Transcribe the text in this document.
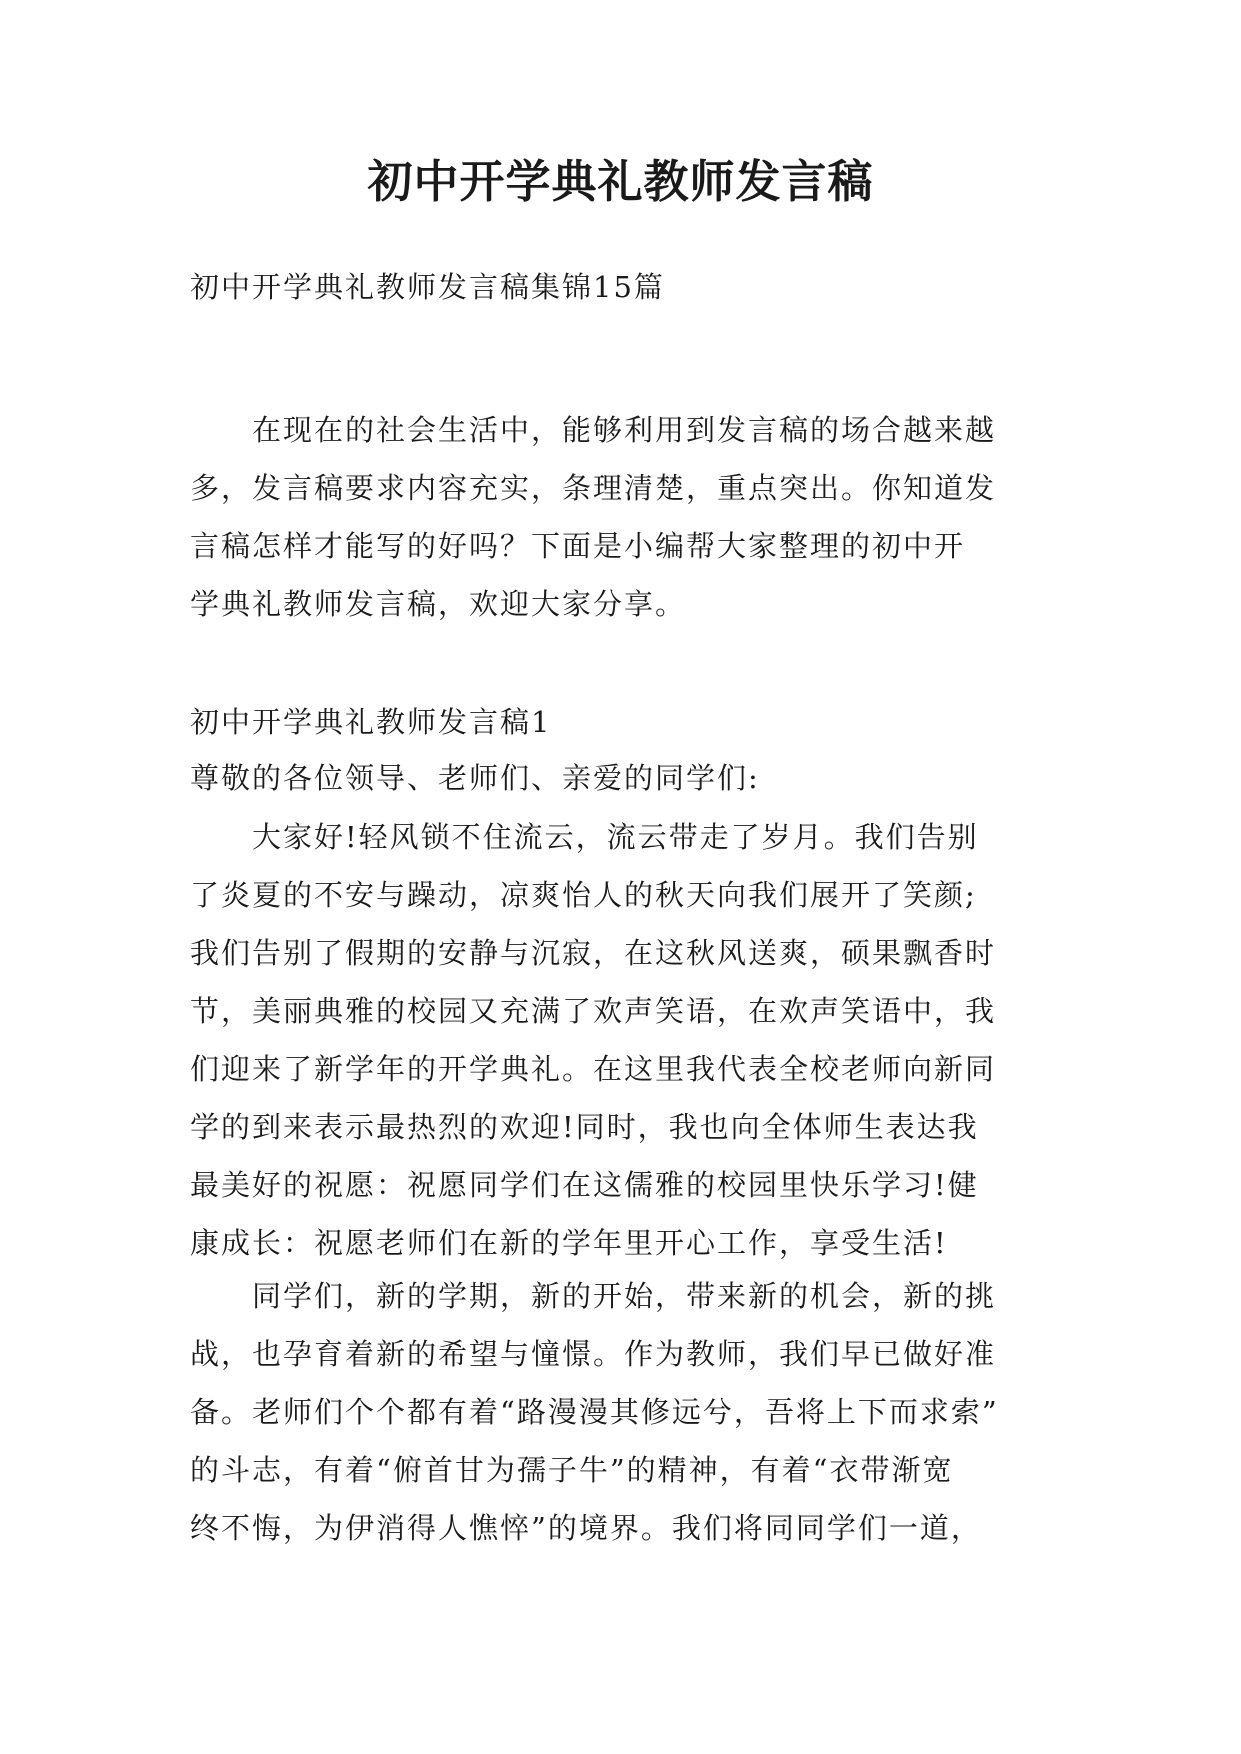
初中开学典礼教师发言稿

初中开学典礼教师发言稿集锦15篇

　　在现在的社会生活中，能够利用到发言稿的场合越来越
多，发言稿要求内容充实，条理清楚，重点突出。你知道发
言稿怎样才能写的好吗？下面是小编帮大家整理的初中开
学典礼教师发言稿，欢迎大家分享。

初中开学典礼教师发言稿1

尊敬的各位领导、老师们、亲爱的同学们:

　　大家好!轻风锁不住流云，流云带走了岁月。我们告别
了炎夏的不安与躁动，凉爽怡人的秋天向我们展开了笑颜;
我们告别了假期的安静与沉寂，在这秋风送爽，硕果飘香时
节，美丽典雅的校园又充满了欢声笑语，在欢声笑语中，我
们迎来了新学年的开学典礼。在这里我代表全校老师向新同
学的到来表示最热烈的欢迎!同时，我也向全体师生表达我
最美好的祝愿：祝愿同学们在这儒雅的校园里快乐学习!健
康成长：祝愿老师们在新的学年里开心工作，享受生活!
　　同学们，新的学期，新的开始，带来新的机会，新的挑
战，也孕育着新的希望与憧憬。作为教师，我们早已做好准
备。老师们个个都有着“路漫漫其修远兮，吾将上下而求索”
的斗志，有着“俯首甘为孺子牛”的精神，有着“衣带渐宽
终不悔，为伊消得人憔悴”的境界。我们将同同学们一道，
